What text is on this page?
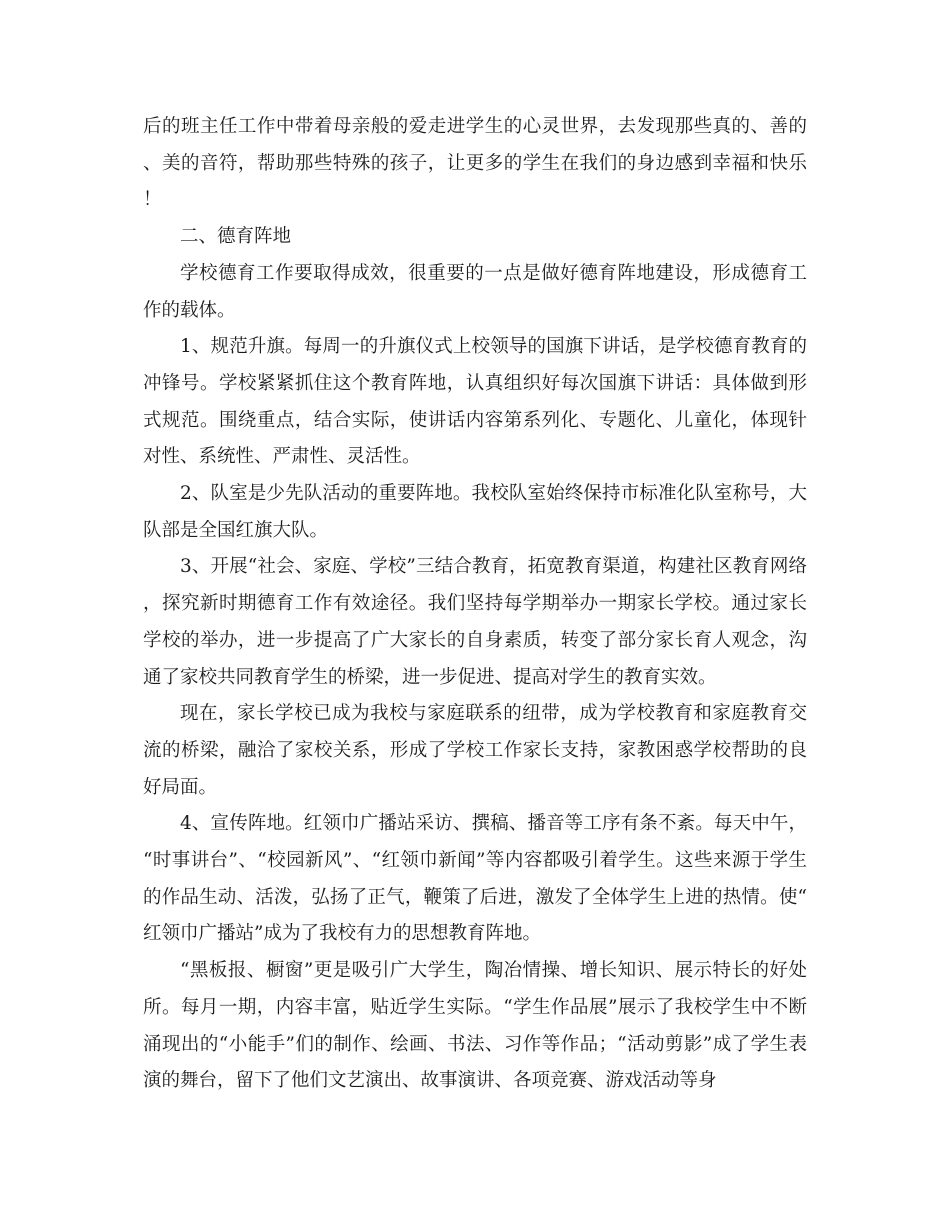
后的班主任工作中带着母亲般的爱走进学生的心灵世界，去发现那些真的、善的、美的音符，帮助那些特殊的孩子，让更多的学生在我们的身边感到幸福和快乐！

二、德育阵地

学校德育工作要取得成效，很重要的一点是做好德育阵地建设，形成德育工作的载体。

1、规范升旗。每周一的升旗仪式上校领导的国旗下讲话，是学校德育教育的冲锋号。学校紧紧抓住这个教育阵地，认真组织好每次国旗下讲话：具体做到形式规范。围绕重点，结合实际，使讲话内容第系列化、专题化、儿童化，体现针对性、系统性、严肃性、灵活性。

2、队室是少先队活动的重要阵地。我校队室始终保持市标准化队室称号，大队部是全国红旗大队。

3、开展“社会、家庭、学校”三结合教育，拓宽教育渠道，构建社区教育网络，探究新时期德育工作有效途径。我们坚持每学期举办一期家长学校。通过家长学校的举办，进一步提高了广大家长的自身素质，转变了部分家长育人观念，沟通了家校共同教育学生的桥梁，进一步促进、提高对学生的教育实效。

现在，家长学校已成为我校与家庭联系的纽带，成为学校教育和家庭教育交流的桥梁，融洽了家校关系，形成了学校工作家长支持，家教困惑学校帮助的良好局面。

4、宣传阵地。红领巾广播站采访、撰稿、播音等工序有条不紊。每天中午，“时事讲台”、“校园新风”、“红领巾新闻”等内容都吸引着学生。这些来源于学生的作品生动、活泼，弘扬了正气，鞭策了后进，激发了全体学生上进的热情。使“红领巾广播站”成为了我校有力的思想教育阵地。

“黑板报、橱窗”更是吸引广大学生，陶冶情操、增长知识、展示特长的好处所。每月一期，内容丰富，贴近学生实际。“学生作品展”展示了我校学生中不断涌现出的“小能手”们的制作、绘画、书法、习作等作品；“活动剪影”成了学生表演的舞台，留下了他们文艺演出、故事演讲、各项竞赛、游戏活动等身
